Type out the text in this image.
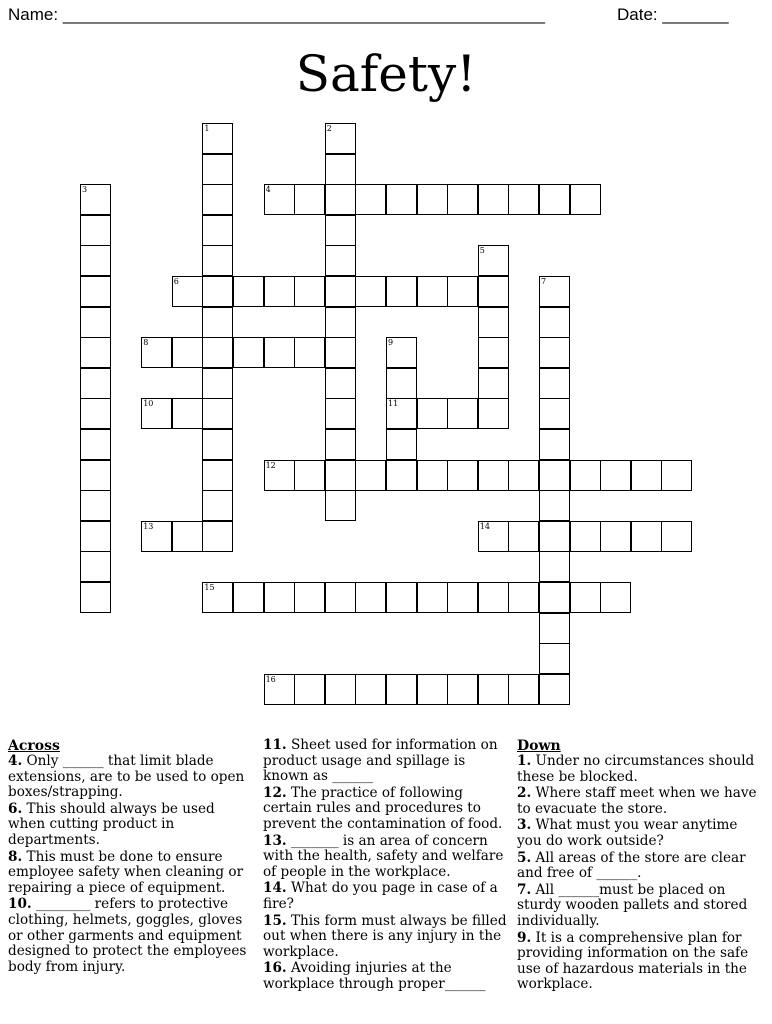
Name: ___________________________________________________	Date: _______
Safety!
1	2
3	4
5
6	7
8	9
10	11
12
13	14
15
16
Across
4. Only ______ that limit blade extensions, are to be used to open boxes/strapping.
6. This should always be used when cutting product in departments.
8. This must be done to ensure employee safety when cleaning or repairing a piece of equipment.
10. ________ refers to protective clothing, helmets, goggles, gloves or other garments and equipment designed to protect the employees body from injury.
11. Sheet used for information on product usage and spillage is known as ______
12. The practice of following certain rules and procedures to prevent the contamination of food.
13. _______ is an area of concern with the health, safety and welfare of people in the workplace.
14. What do you page in case of a fire?
15. This form must always be filled out when there is any injury in the workplace.
16. Avoiding injuries at the workplace through proper______
Down
1. Under no circumstances should these be blocked.
2. Where staff meet when we have to evacuate the store.
3. What must you wear anytime you do work outside?
5. All areas of the store are clear and free of ______.
7. All ______must be placed on sturdy wooden pallets and stored individually.
9. It is a comprehensive plan for providing information on the safe use of hazardous materials in the workplace.
